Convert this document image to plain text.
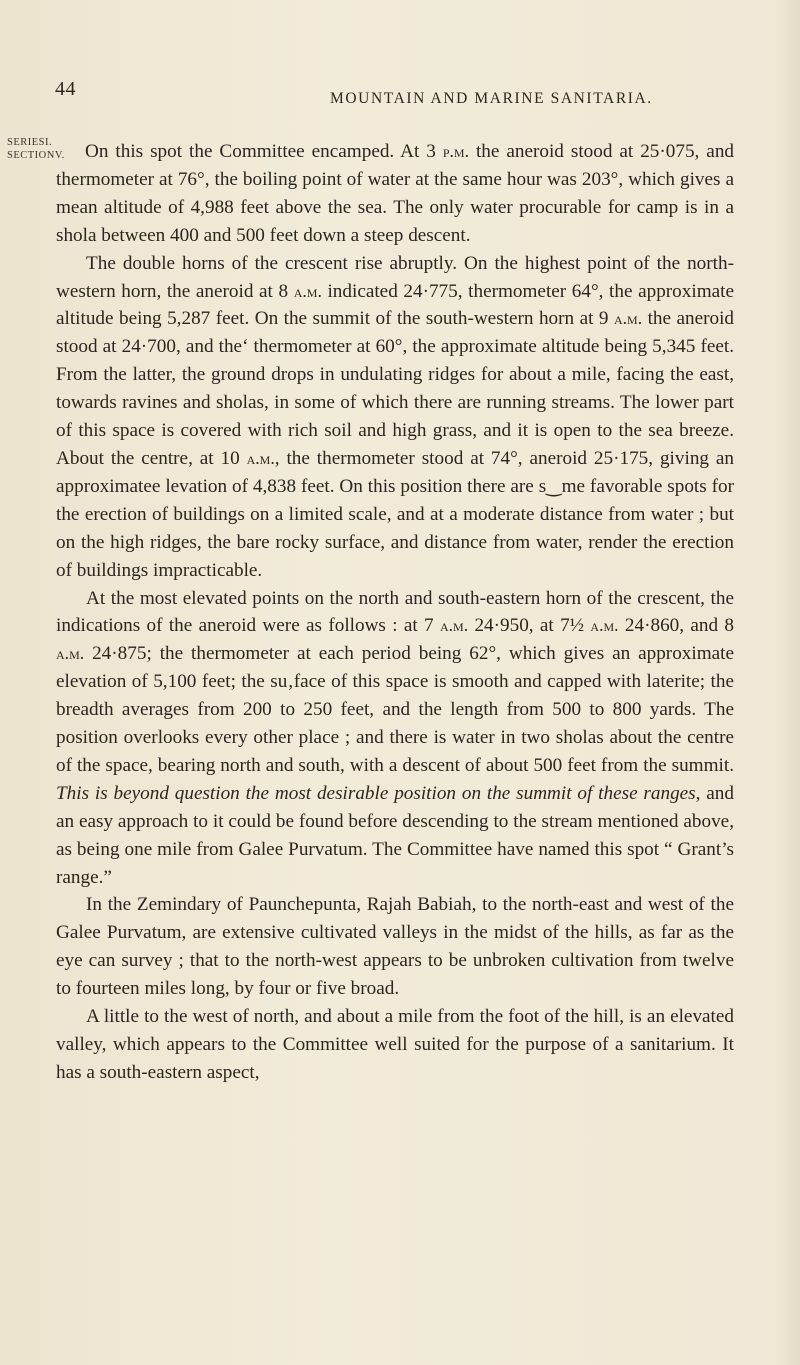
44	MOUNTAIN AND MARINE SANITARIA.
SERIES I.
SECTION V.	On this spot the Committee encamped. At 3 p.m. the aneroid stood at 25·075, and thermometer at 76°, the boiling point of water at the same hour was 203°, which gives a mean altitude of 4,988 feet above the sea. The only water procurable for camp is in a shola between 400 and 500 feet down a steep descent.

The double horns of the crescent rise abruptly. On the highest point of the north-western horn, the aneroid at 8 a.m. indicated 24·775, thermometer 64°, the approximate altitude being 5,287 feet. On the summit of the south-western horn at 9 a.m. the aneroid stood at 24·700, and the‘ thermometer at 60°, the approximate altitude being 5,345 feet. From the latter, the ground drops in undulating ridges for about a mile, facing the east, towards ravines and sholas, in some of which there are running streams. The lower part of this space is covered with rich soil and high grass, and it is open to the sea breeze. About the centre, at 10 a.m., the thermometer stood at 74°, aneroid 25·175, giving an approximatee levation of 4,838 feet. On this position there are s‿me favorable spots for the erection of buildings on a limited scale, and at a moderate distance from water ; but on the high ridges, the bare rocky surface, and distance from water, render the erection of buildings impracticable.

At the most elevated points on the north and south-eastern horn of the crescent, the indications of the aneroid were as follows : at 7 a.m. 24·950, at 7½ a.m. 24·860, and 8 a.m. 24·875; the thermometer at each period being 62°, which gives an approximate elevation of 5,100 feet; the su‚face of this space is smooth and capped with laterite; the breadth averages from 200 to 250 feet, and the length from 500 to 800 yards. The position overlooks every other place ; and there is water in two sholas about the centre of the space, bearing north and south, with a descent of about 500 feet from the summit. This is beyond question the most desirable position on the summit of these ranges, and an easy approach to it could be found before descending to the stream mentioned above, as being one mile from Galee Purvatum. The Committee have named this spot “ Grant’s range.”

In the Zemindary of Paunchepunta, Rajah Babiah, to the north-east and west of the Galee Purvatum, are extensive cultivated valleys in the midst of the hills, as far as the eye can survey ; that to the north-west appears to be unbroken cultivation from twelve to fourteen miles long, by four or five broad.

A little to the west of north, and about a mile from the foot of the hill, is an elevated valley, which appears to the Committee well suited for the purpose of a sanitarium. It has a south-eastern aspect,
